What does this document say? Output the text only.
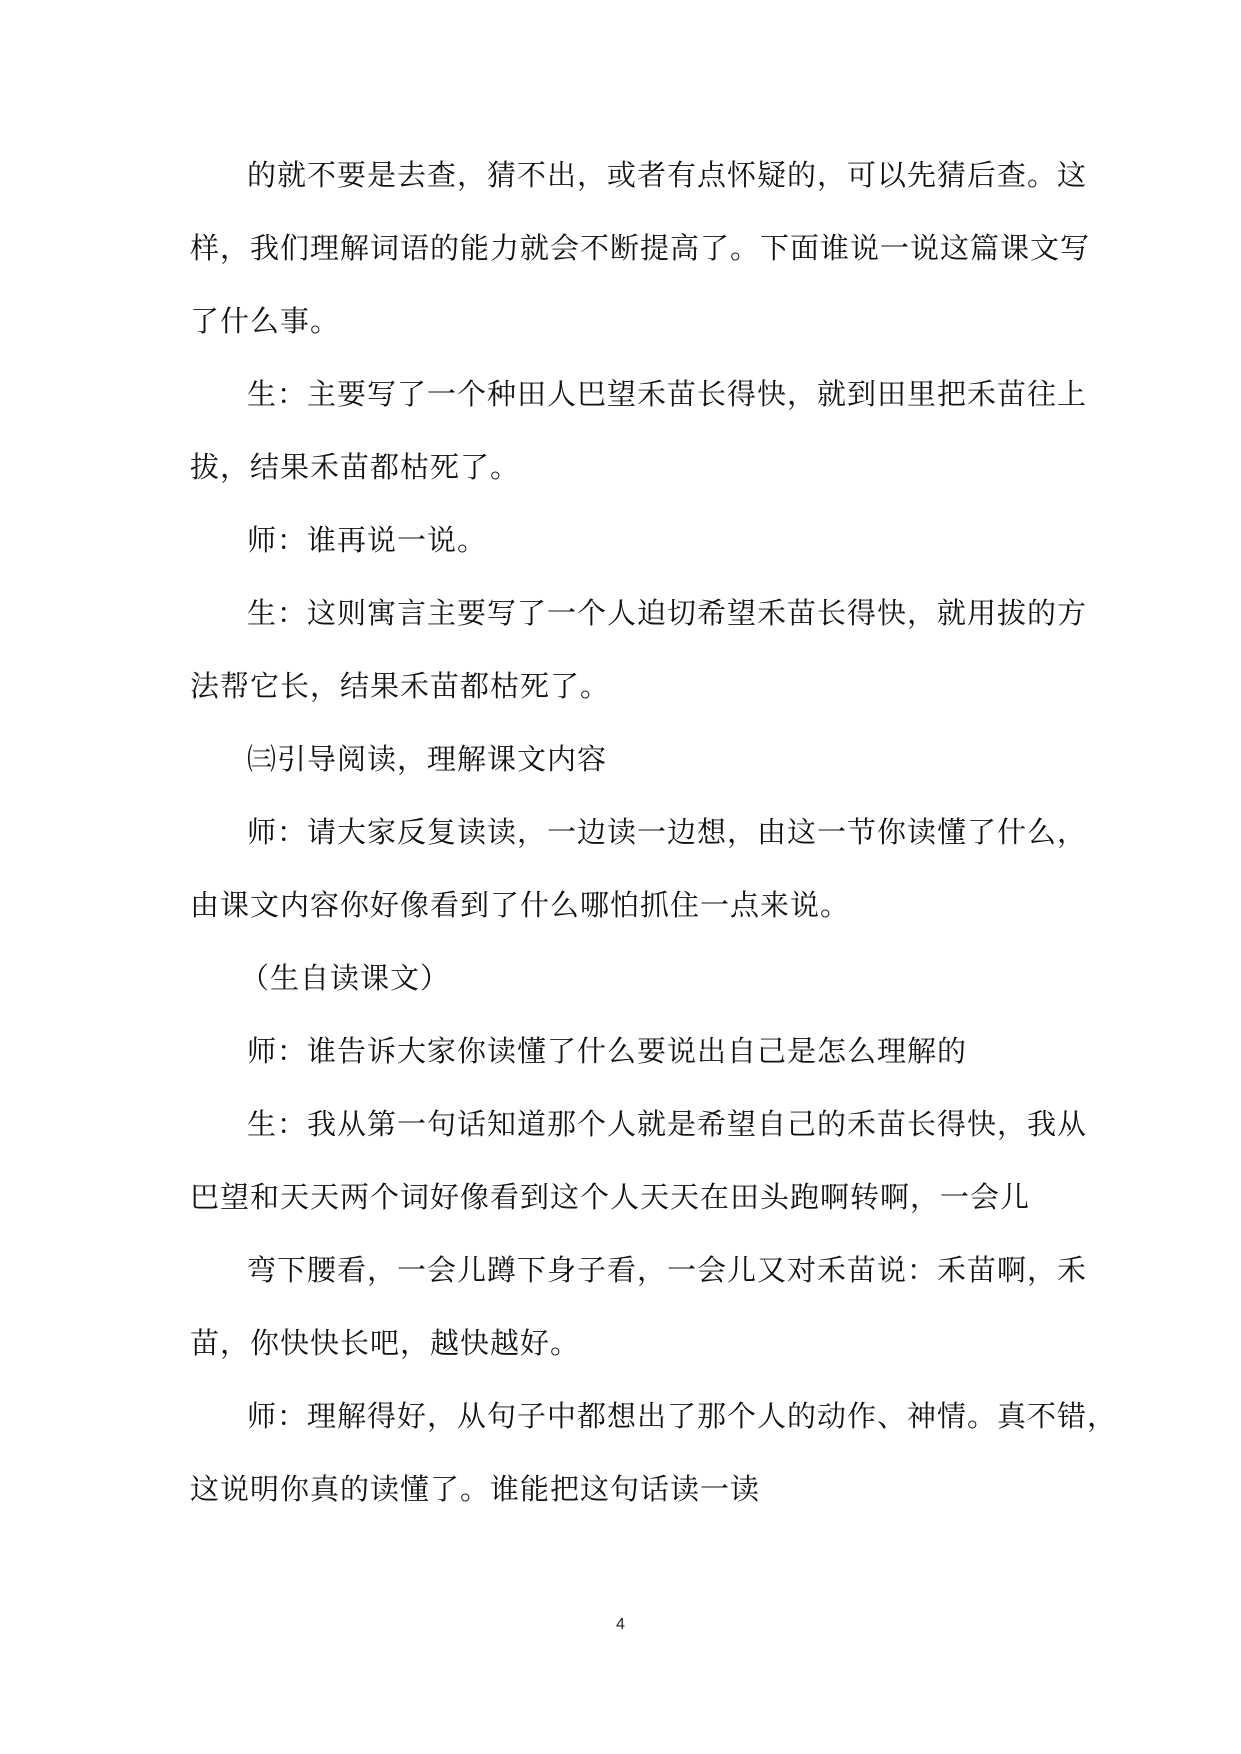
的就不要是去查，猜不出，或者有点怀疑的，可以先猜后查。这
样，我们理解词语的能力就会不断提高了。下面谁说一说这篇课文写
了什么事。
生：主要写了一个种田人巴望禾苗长得快，就到田里把禾苗往上
拔，结果禾苗都枯死了。
师：谁再说一说。
生：这则寓言主要写了一个人迫切希望禾苗长得快，就用拔的方
法帮它长，结果禾苗都枯死了。
㈢引导阅读，理解课文内容
师：请大家反复读读，一边读一边想，由这一节你读懂了什么，
由课文内容你好像看到了什么哪怕抓住一点来说。
（生自读课文）
师：谁告诉大家你读懂了什么要说出自己是怎么理解的
生：我从第一句话知道那个人就是希望自己的禾苗长得快，我从
巴望和天天两个词好像看到这个人天天在田头跑啊转啊，一会儿
弯下腰看，一会儿蹲下身子看，一会儿又对禾苗说：禾苗啊，禾
苗，你快快长吧，越快越好。
师：理解得好，从句子中都想出了那个人的动作、神情。真不错，
这说明你真的读懂了。谁能把这句话读一读
4
